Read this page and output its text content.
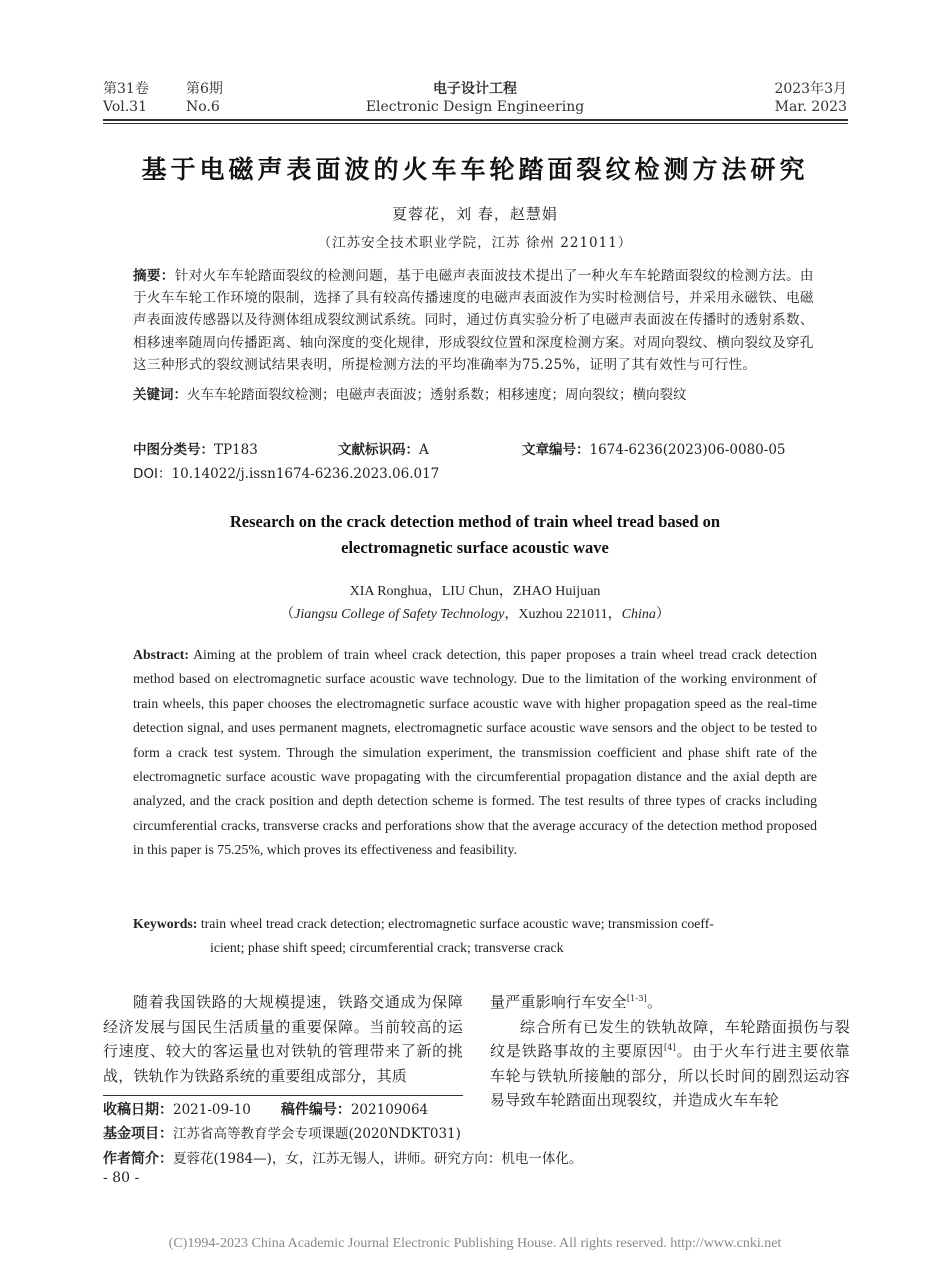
第31卷	第6期
Vol.31	No.6
电子设计工程
Electronic Design Engineering
2023年3月
Mar. 2023
基于电磁声表面波的火车车轮踏面裂纹检测方法研究
夏蓉花，刘 春，赵慧娟
（江苏安全技术职业学院，江苏 徐州 221011）
摘要：针对火车车轮踏面裂纹的检测问题，基于电磁声表面波技术提出了一种火车车轮踏面裂纹的检测方法。由于火车车轮工作环境的限制，选择了具有较高传播速度的电磁声表面波作为实时检测信号，并采用永磁铁、电磁声表面波传感器以及待测体组成裂纹测试系统。同时，通过仿真实验分析了电磁声表面波在传播时的透射系数、相移速率随周向传播距离、轴向深度的变化规律，形成裂纹位置和深度检测方案。对周向裂纹、横向裂纹及穿孔这三种形式的裂纹测试结果表明，所提检测方法的平均准确率为75.25%，证明了其有效性与可行性。
关键词：火车车轮踏面裂纹检测；电磁声表面波；透射系数；相移速度；周向裂纹；横向裂纹
中图分类号：TP183	文献标识码：A	文章编号：1674-6236(2023)06-0080-05
DOI：10.14022/j.issn1674-6236.2023.06.017
Research on the crack detection method of train wheel tread based on
electromagnetic surface acoustic wave
XIA Ronghua，LIU Chun，ZHAO Huijuan
（Jiangsu College of Safety Technology，Xuzhou 221011，China）
Abstract: Aiming at the problem of train wheel crack detection, this paper proposes a train wheel tread crack detection method based on electromagnetic surface acoustic wave technology. Due to the limitation of the working environment of train wheels, this paper chooses the electromagnetic surface acoustic wave with higher propagation speed as the real-time detection signal, and uses permanent magnets, electromagnetic surface acoustic wave sensors and the object to be tested to form a crack test system. Through the simulation experiment, the transmission coefficient and phase shift rate of the electromagnetic surface acoustic wave propagating with the circumferential propagation distance and the axial depth are analyzed, and the crack position and depth detection scheme is formed. The test results of three types of cracks including circumferential cracks, transverse cracks and perforations show that the average accuracy of the detection method proposed in this paper is 75.25%, which proves its effectiveness and feasibility.
Keywords: train wheel tread crack detection; electromagnetic surface acoustic wave; transmission coeff-
icient; phase shift speed; circumferential crack; transverse crack

随着我国铁路的大规模提速，铁路交通成为保障经济发展与国民生活质量的重要保障。当前较高的运行速度、较大的客运量也对铁轨的管理带来了新的挑战，铁轨作为铁路系统的重要组成部分，其质

量严重影响行车安全[1-3]。

综合所有已发生的铁轨故障，车轮踏面损伤与裂纹是铁路事故的主要原因[4]。由于火车行进主要依靠车轮与铁轨所接触的部分，所以长时间的剧烈运动容易导致车轮踏面出现裂纹，并造成火车车轮

收稿日期：2021-09-10 稿件编号：202109064
基金项目：江苏省高等教育学会专项课题(2020NDKT031)
作者简介：夏蓉花(1984—)，女，江苏无锡人，讲师。研究方向：机电一体化。
- 80 -
(C)1994-2023 China Academic Journal Electronic Publishing House. All rights reserved. http://www.cnki.net
